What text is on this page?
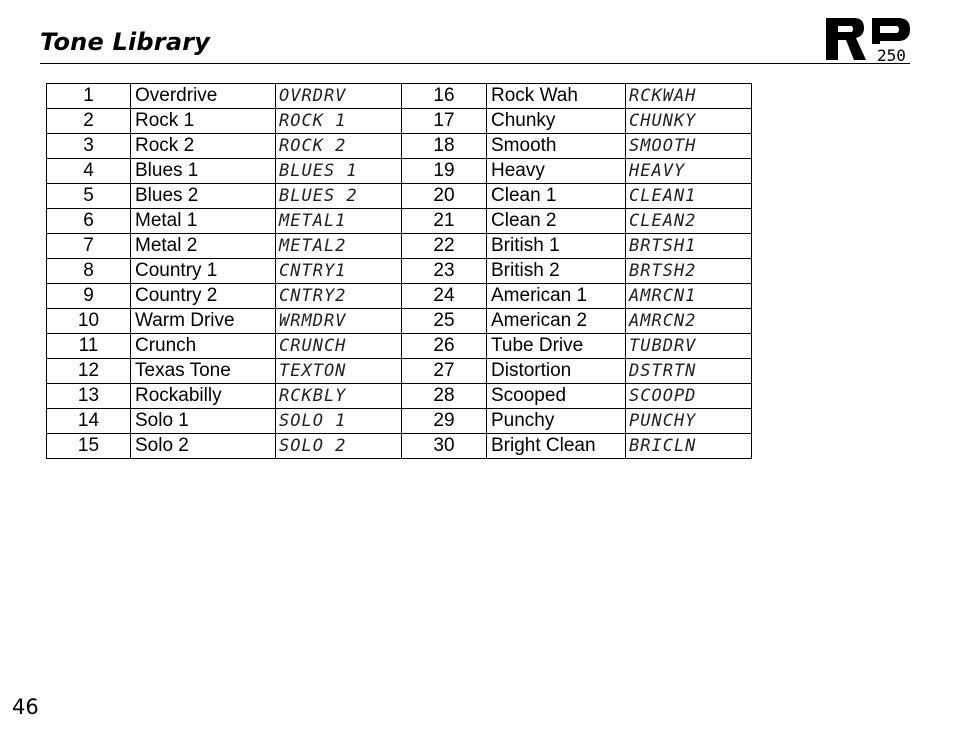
Tone Library	250
1	Overdrive	OVRDRV	16	Rock Wah	RCKWAH
2	Rock 1	ROCK 1	17	Chunky	CHUNKY
3	Rock 2	ROCK 2	18	Smooth	SMOOTH
4	Blues 1	BLUES 1	19	Heavy	HEAVY
5	Blues 2	BLUES 2	20	Clean 1	CLEAN1
6	Metal 1	METAL1	21	Clean 2	CLEAN2
7	Metal 2	METAL2	22	British 1	BRTSH1
8	Country 1	CNTRY1	23	British 2	BRTSH2
9	Country 2	CNTRY2	24	American 1	AMRCN1
10	Warm Drive	WRMDRV	25	American 2	AMRCN2
11	Crunch	CRUNCH	26	Tube Drive	TUBDRV
12	Texas Tone	TEXTON	27	Distortion	DSTRTN
13	Rockabilly	RCKBLY	28	Scooped	SCOOPD
14	Solo 1	SOLO 1	29	Punchy	PUNCHY
15	Solo 2	SOLO 2	30	Bright Clean	BRICLN
46
